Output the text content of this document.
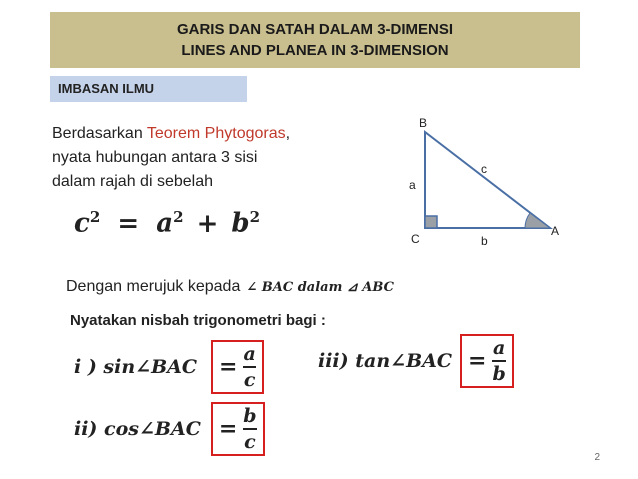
GARIS DAN SATAH DALAM 3-DIMENSI
LINES AND PLANEA IN 3-DIMENSION
IMBASAN ILMU
Berdasarkan Teorem Phytogoras,
nyata hubungan antara 3 sisi
dalam rajah di sebelah
$c^2 = a^2 + b^2$
B
C
A
a
b
c
Dengan merujuk kepada ∠ BAC dalam ⊿ ABC
Nyatakan nisbah trigonometri bagi :
i ) sin∠BAC = $\frac{a}{c}$
ii) cos∠BAC = $\frac{b}{c}$
iii) tan∠BAC = $\frac{a}{b}$
2
